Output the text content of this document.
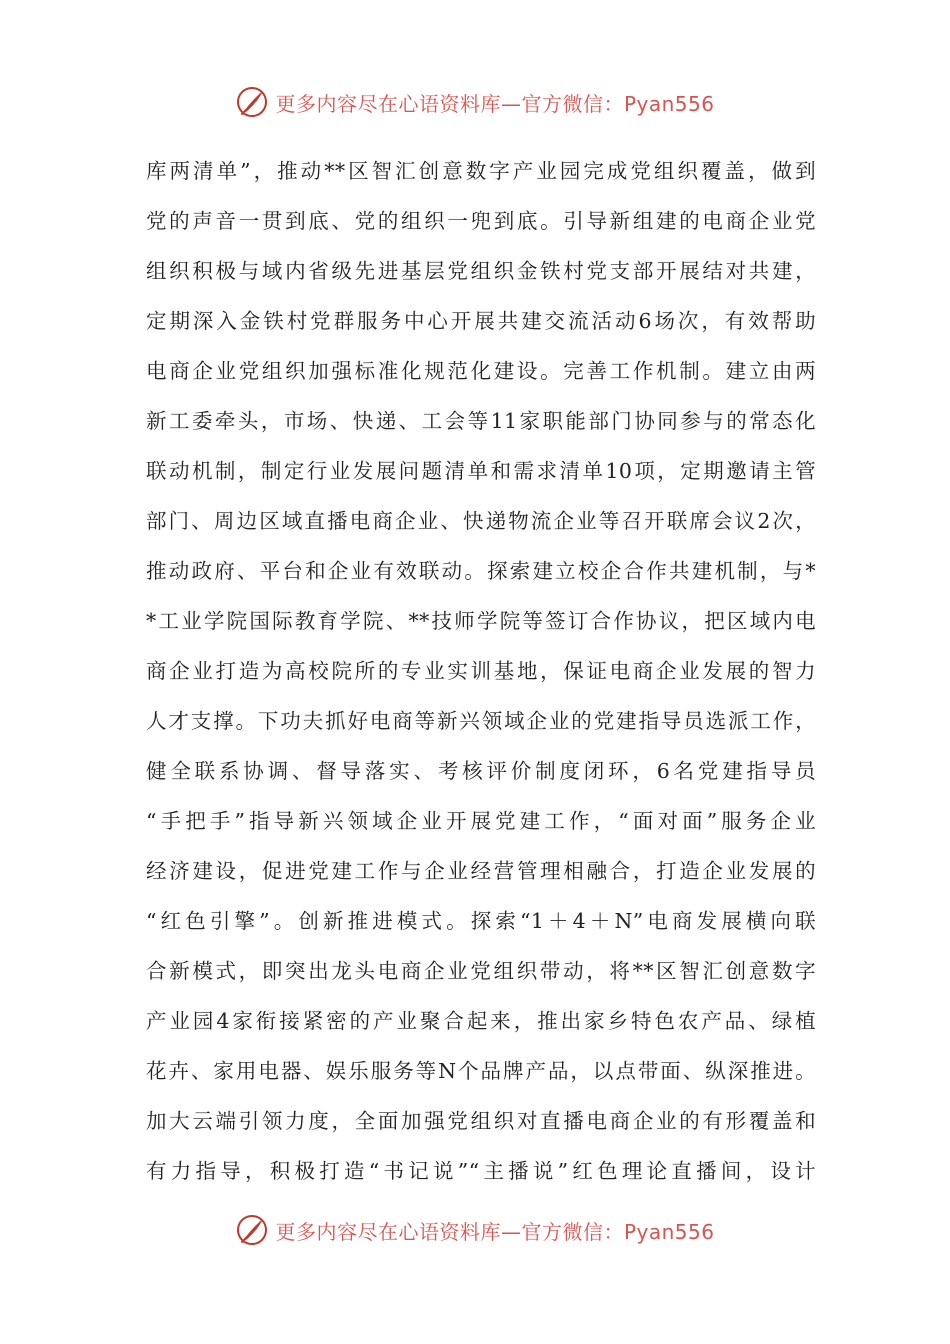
更多内容尽在心语资料库—官方微信：Pyan556
库两清单”，推动**区智汇创意数字产业园完成党组织覆盖，做到
党的声音一贯到底、党的组织一兜到底。引导新组建的电商企业党
组织积极与域内省级先进基层党组织金铁村党支部开展结对共建，
定期深入金铁村党群服务中心开展共建交流活动6场次，有效帮助
电商企业党组织加强标准化规范化建设。完善工作机制。建立由两
新工委牵头，市场、快递、工会等11家职能部门协同参与的常态化
联动机制，制定行业发展问题清单和需求清单10项，定期邀请主管
部门、周边区域直播电商企业、快递物流企业等召开联席会议2次，
推动政府、平台和企业有效联动。探索建立校企合作共建机制，与*
*工业学院国际教育学院、**技师学院等签订合作协议，把区域内电
商企业打造为高校院所的专业实训基地，保证电商企业发展的智力
人才支撑。下功夫抓好电商等新兴领域企业的党建指导员选派工作，
健全联系协调、督导落实、考核评价制度闭环，6名党建指导员
“手把手”指导新兴领域企业开展党建工作，“面对面”服务企业
经济建设，促进党建工作与企业经营管理相融合，打造企业发展的
“红色引擎”。创新推进模式。探索“1＋4＋N”电商发展横向联
合新模式，即突出龙头电商企业党组织带动，将**区智汇创意数字
产业园4家衔接紧密的产业聚合起来，推出家乡特色农产品、绿植
花卉、家用电器、娱乐服务等N个品牌产品，以点带面、纵深推进。
加大云端引领力度，全面加强党组织对直播电商企业的有形覆盖和
有力指导，积极打造“书记说”“主播说”红色理论直播间，设计
更多内容尽在心语资料库—官方微信：Pyan556
